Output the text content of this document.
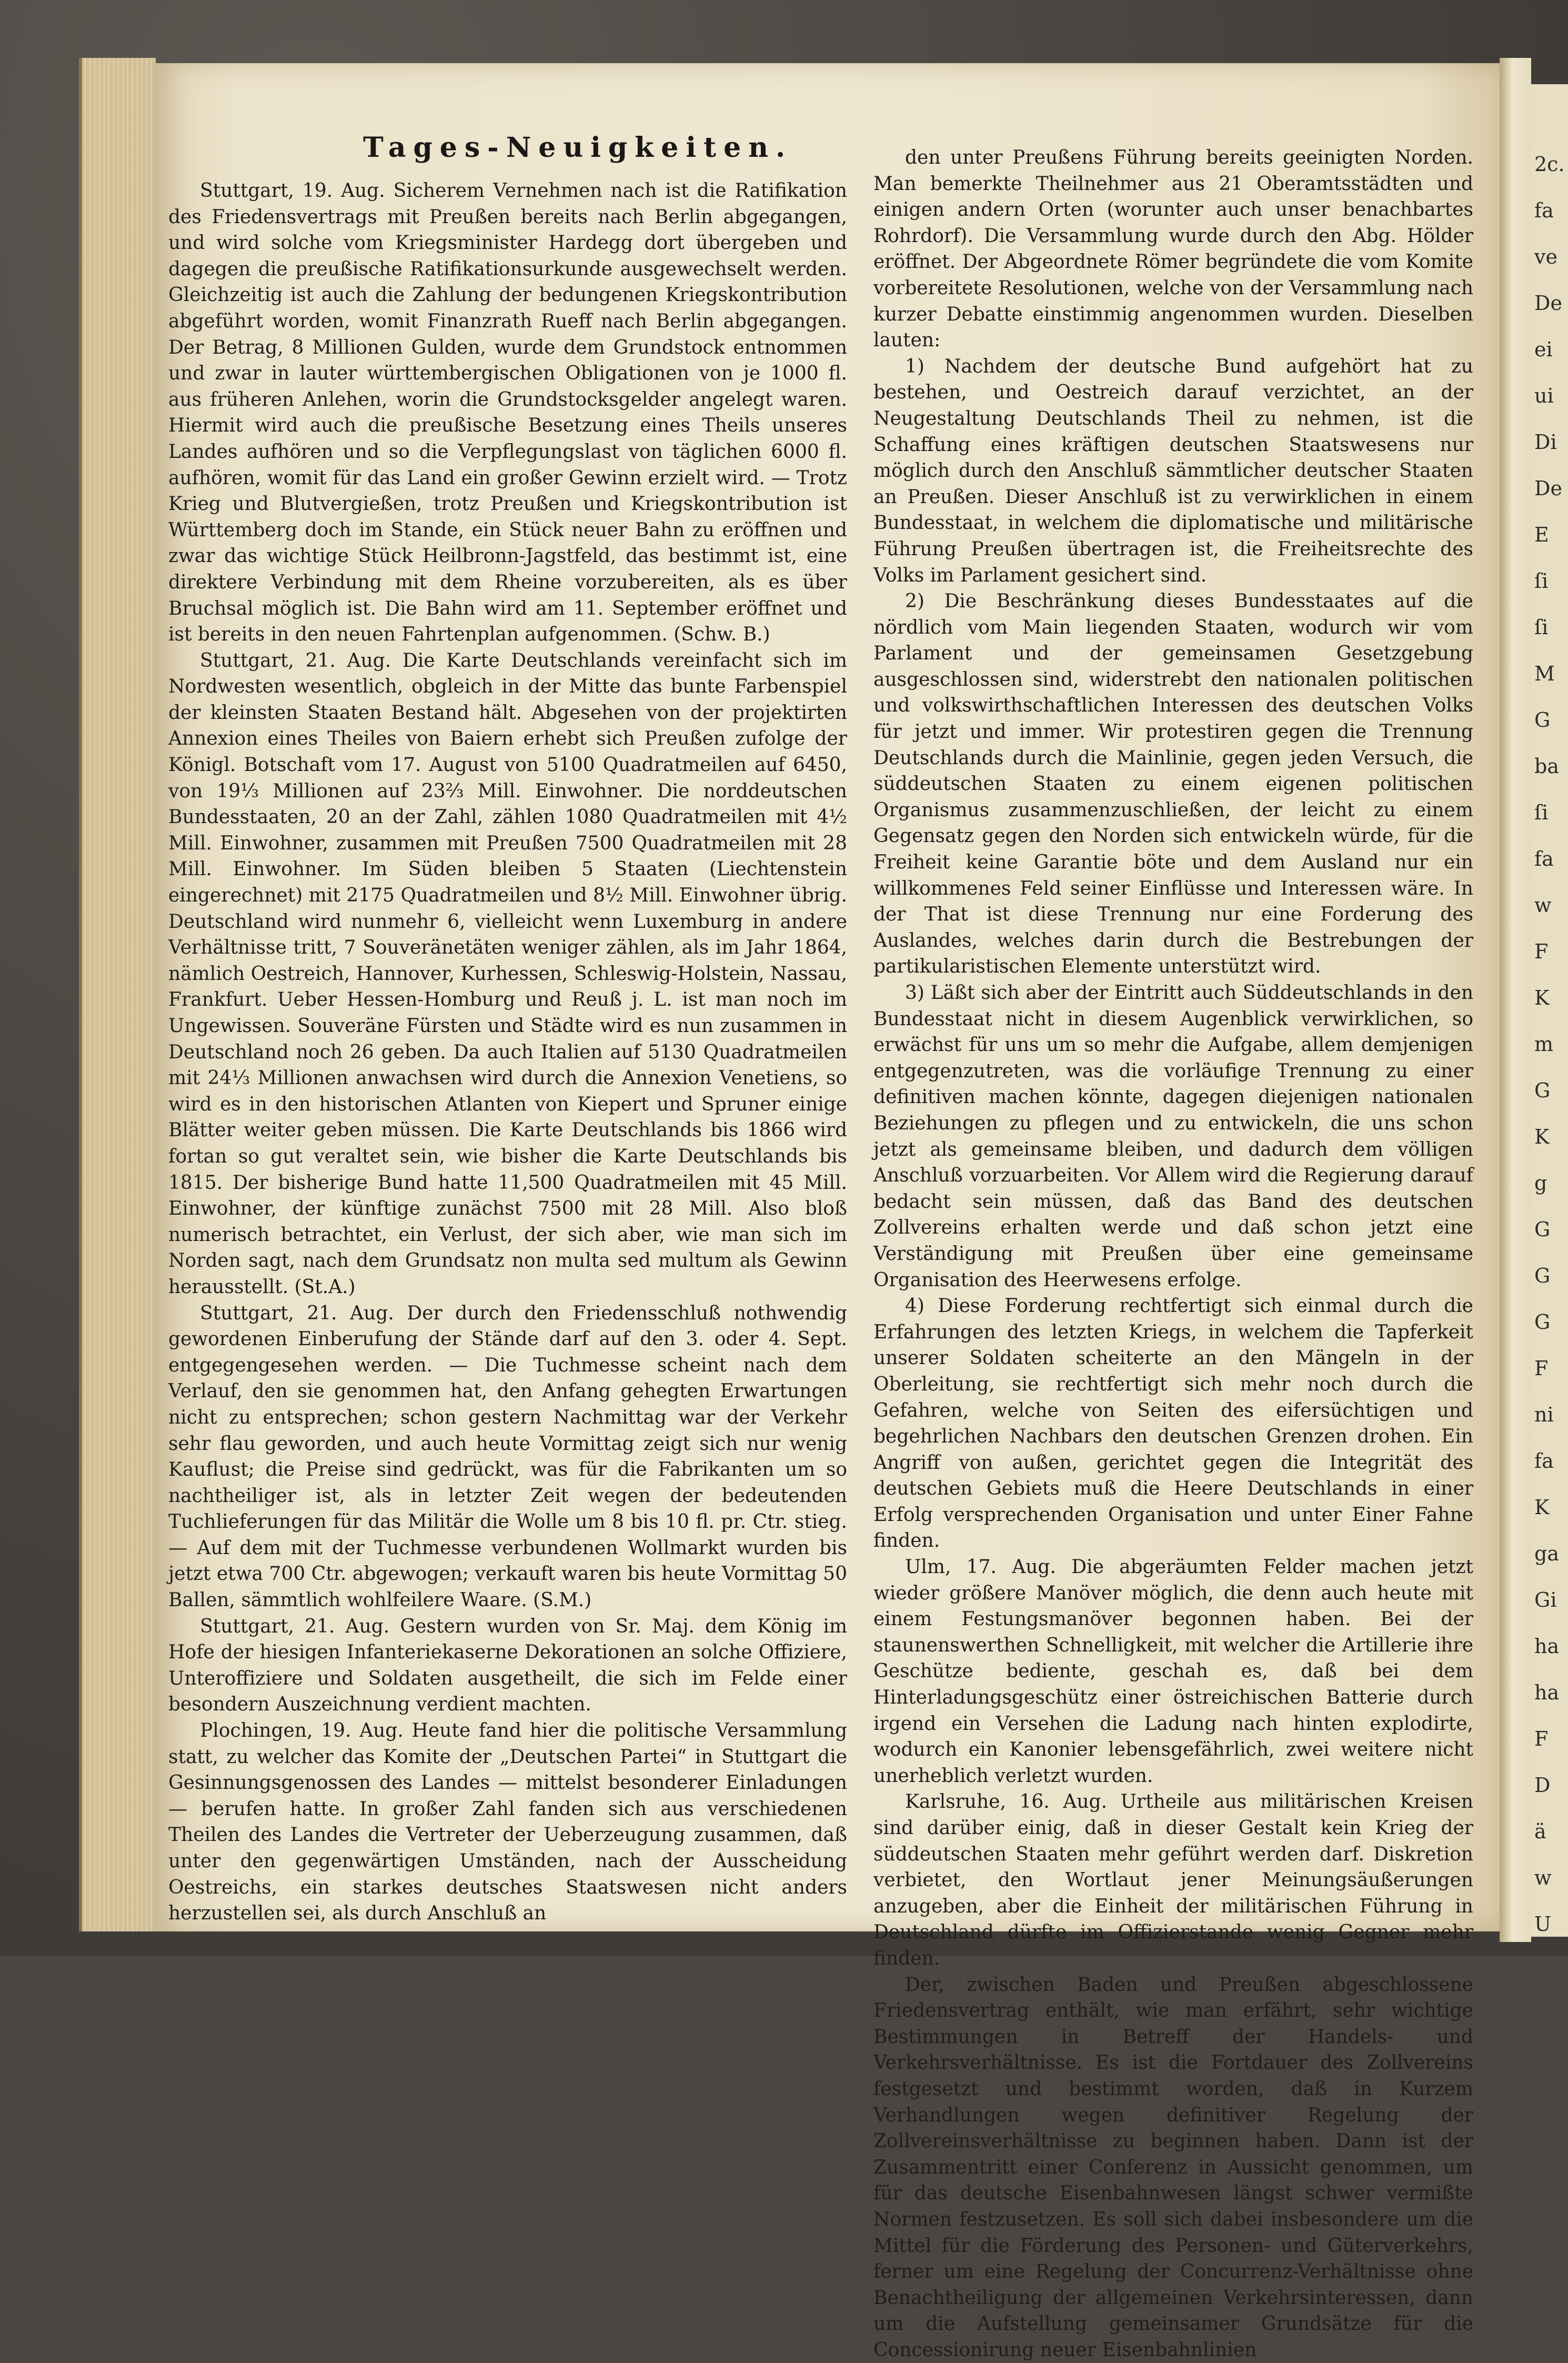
2c.
fa
ve
De
ei
ui
Di
De
E
ſi
ſi
M
G
ba
ſi
fa
w
F
K
m
G
K
g
G
G
G
F
ni
fa
K
ga
Gi
ha
ha
F
D
ä
w
U
Tages-Neuigkeiten.

Stuttgart, 19. Aug. Sicherem Vernehmen nach ist die Ratifikation des Friedensvertrags mit Preußen bereits nach Berlin abgegangen, und wird solche vom Kriegsminister Hardegg dort übergeben und dagegen die preußische Ratifikationsurkunde ausgewechselt werden. Gleichzeitig ist auch die Zahlung der bedungenen Kriegskontribution abgeführt worden, womit Finanzrath Rueff nach Berlin abgegangen. Der Betrag, 8 Millionen Gulden, wurde dem Grundstock entnommen und zwar in lauter württembergischen Obligationen von je 1000 fl. aus früheren Anlehen, worin die Grundstocksgelder angelegt waren. Hiermit wird auch die preußische Besetzung eines Theils unseres Landes aufhören und so die Verpflegungslast von täglichen 6000 fl. aufhören, womit für das Land ein großer Gewinn erzielt wird. — Trotz Krieg und Blutvergießen, trotz Preußen und Kriegskontribution ist Württemberg doch im Stande, ein Stück neuer Bahn zu eröffnen und zwar das wichtige Stück Heilbronn-Jagstfeld, das bestimmt ist, eine direktere Verbindung mit dem Rheine vorzubereiten, als es über Bruchsal möglich ist. Die Bahn wird am 11. September eröffnet und ist bereits in den neuen Fahrtenplan aufgenommen. (Schw. B.)

Stuttgart, 21. Aug. Die Karte Deutschlands vereinfacht sich im Nordwesten wesentlich, obgleich in der Mitte das bunte Farbenspiel der kleinsten Staaten Bestand hält. Abgesehen von der projektirten Annexion eines Theiles von Baiern erhebt sich Preußen zufolge der Königl. Botschaft vom 17. August von 5100 Quadratmeilen auf 6450, von 19⅓ Millionen auf 23⅔ Mill. Einwohner. Die norddeutschen Bundesstaaten, 20 an der Zahl, zählen 1080 Quadratmeilen mit 4½ Mill. Einwohner, zusammen mit Preußen 7500 Quadratmeilen mit 28 Mill. Einwohner. Im Süden bleiben 5 Staaten (Liechtenstein eingerechnet) mit 2175 Quadratmeilen und 8½ Mill. Einwohner übrig. Deutschland wird nunmehr 6, vielleicht wenn Luxemburg in andere Verhältnisse tritt, 7 Souveränetäten weniger zählen, als im Jahr 1864, nämlich Oestreich, Hannover, Kurhessen, Schleswig-Holstein, Nassau, Frankfurt. Ueber Hessen-Homburg und Reuß j. L. ist man noch im Ungewissen. Souveräne Fürsten und Städte wird es nun zusammen in Deutschland noch 26 geben. Da auch Italien auf 5130 Quadratmeilen mit 24⅓ Millionen anwachsen wird durch die Annexion Venetiens, so wird es in den historischen Atlanten von Kiepert und Spruner einige Blätter weiter geben müssen. Die Karte Deutschlands bis 1866 wird fortan so gut veraltet sein, wie bisher die Karte Deutschlands bis 1815. Der bisherige Bund hatte 11,500 Quadratmeilen mit 45 Mill. Einwohner, der künftige zunächst 7500 mit 28 Mill. Also bloß numerisch betrachtet, ein Verlust, der sich aber, wie man sich im Norden sagt, nach dem Grundsatz non multa sed multum als Gewinn herausstellt. (St.A.)

Stuttgart, 21. Aug. Der durch den Friedensschluß nothwendig gewordenen Einberufung der Stände darf auf den 3. oder 4. Sept. entgegengesehen werden. — Die Tuchmesse scheint nach dem Verlauf, den sie genommen hat, den Anfang gehegten Erwartungen nicht zu entsprechen; schon gestern Nachmittag war der Verkehr sehr flau geworden, und auch heute Vormittag zeigt sich nur wenig Kauflust; die Preise sind gedrückt, was für die Fabrikanten um so nachtheiliger ist, als in letzter Zeit wegen der bedeutenden Tuchlieferungen für das Militär die Wolle um 8 bis 10 fl. pr. Ctr. stieg. — Auf dem mit der Tuchmesse verbundenen Wollmarkt wurden bis jetzt etwa 700 Ctr. abgewogen; verkauft waren bis heute Vormittag 50 Ballen, sämmtlich wohlfeilere Waare. (S.M.)

Stuttgart, 21. Aug. Gestern wurden von Sr. Maj. dem König im Hofe der hiesigen Infanteriekaserne Dekorationen an solche Offiziere, Unteroffiziere und Soldaten ausgetheilt, die sich im Felde einer besondern Auszeichnung verdient machten.

Plochingen, 19. Aug. Heute fand hier die politische Versammlung statt, zu welcher das Komite der „Deutschen Partei“ in Stuttgart die Gesinnungsgenossen des Landes — mittelst besonderer Einladungen — berufen hatte. In großer Zahl fanden sich aus verschiedenen Theilen des Landes die Vertreter der Ueberzeugung zusammen, daß unter den gegenwärtigen Umständen, nach der Ausscheidung Oestreichs, ein starkes deutsches Staatswesen nicht anders herzustellen sei, als durch Anschluß an

den unter Preußens Führung bereits geeinigten Norden. Man bemerkte Theilnehmer aus 21 Oberamtsstädten und einigen andern Orten (worunter auch unser benachbartes Rohrdorf). Die Versammlung wurde durch den Abg. Hölder eröffnet. Der Abgeordnete Römer begründete die vom Komite vorbereitete Resolutionen, welche von der Versammlung nach kurzer Debatte einstimmig angenommen wurden. Dieselben lauten:

1) Nachdem der deutsche Bund aufgehört hat zu bestehen, und Oestreich darauf verzichtet, an der Neugestaltung Deutschlands Theil zu nehmen, ist die Schaffung eines kräftigen deutschen Staatswesens nur möglich durch den Anschluß sämmtlicher deutscher Staaten an Preußen. Dieser Anschluß ist zu verwirklichen in einem Bundesstaat, in welchem die diplomatische und militärische Führung Preußen übertragen ist, die Freiheitsrechte des Volks im Parlament gesichert sind.

2) Die Beschränkung dieses Bundesstaates auf die nördlich vom Main liegenden Staaten, wodurch wir vom Parlament und der gemeinsamen Gesetzgebung ausgeschlossen sind, widerstrebt den nationalen politischen und volkswirthschaftlichen Interessen des deutschen Volks für jetzt und immer. Wir protestiren gegen die Trennung Deutschlands durch die Mainlinie, gegen jeden Versuch, die süddeutschen Staaten zu einem eigenen politischen Organismus zusammenzuschließen, der leicht zu einem Gegensatz gegen den Norden sich entwickeln würde, für die Freiheit keine Garantie böte und dem Ausland nur ein willkommenes Feld seiner Einflüsse und Interessen wäre. In der That ist diese Trennung nur eine Forderung des Auslandes, welches darin durch die Bestrebungen der partikularistischen Elemente unterstützt wird.

3) Läßt sich aber der Eintritt auch Süddeutschlands in den Bundesstaat nicht in diesem Augenblick verwirklichen, so erwächst für uns um so mehr die Aufgabe, allem demjenigen entgegenzutreten, was die vorläufige Trennung zu einer definitiven machen könnte, dagegen diejenigen nationalen Beziehungen zu pflegen und zu entwickeln, die uns schon jetzt als gemeinsame bleiben, und dadurch dem völligen Anschluß vorzuarbeiten. Vor Allem wird die Regierung darauf bedacht sein müssen, daß das Band des deutschen Zollvereins erhalten werde und daß schon jetzt eine Verständigung mit Preußen über eine gemeinsame Organisation des Heerwesens erfolge.

4) Diese Forderung rechtfertigt sich einmal durch die Erfahrungen des letzten Kriegs, in welchem die Tapferkeit unserer Soldaten scheiterte an den Mängeln in der Oberleitung, sie rechtfertigt sich mehr noch durch die Gefahren, welche von Seiten des eifersüchtigen und begehrlichen Nachbars den deutschen Grenzen drohen. Ein Angriff von außen, gerichtet gegen die Integrität des deutschen Gebiets muß die Heere Deutschlands in einer Erfolg versprechenden Organisation und unter Einer Fahne finden.

Ulm, 17. Aug. Die abgeräumten Felder machen jetzt wieder größere Manöver möglich, die denn auch heute mit einem Festungsmanöver begonnen haben. Bei der staunenswerthen Schnelligkeit, mit welcher die Artillerie ihre Geschütze bediente, geschah es, daß bei dem Hinterladungsgeschütz einer östreichischen Batterie durch irgend ein Versehen die Ladung nach hinten explodirte, wodurch ein Kanonier lebensgefährlich, zwei weitere nicht unerheblich verletzt wurden.

Karlsruhe, 16. Aug. Urtheile aus militärischen Kreisen sind darüber einig, daß in dieser Gestalt kein Krieg der süddeutschen Staaten mehr geführt werden darf. Diskretion verbietet, den Wortlaut jener Meinungsäußerungen anzugeben, aber die Einheit der militärischen Führung in Deutschland dürfte im Offizierstande wenig Gegner mehr finden.

Der, zwischen Baden und Preußen abgeschlossene Friedensvertrag enthält, wie man erfährt, sehr wichtige Bestimmungen in Betreff der Handels- und Verkehrsverhältnisse. Es ist die Fortdauer des Zollvereins festgesetzt und bestimmt worden, daß in Kurzem Verhandlungen wegen definitiver Regelung der Zollvereinsverhältnisse zu beginnen haben. Dann ist der Zusammentritt einer Conferenz in Aussicht genommen, um für das deutsche Eisenbahnwesen längst schwer vermißte Normen festzusetzen. Es soll sich dabei insbesondere um die Mittel für die Förderung des Personen- und Güterverkehrs, ferner um eine Regelung der Concurrenz-Verhältnisse ohne Benachtheiligung der allgemeinen Verkehrsinteressen, dann um die Aufstellung gemeinsamer Grundsätze für die Concessionirung neuer Eisenbahnlinien
